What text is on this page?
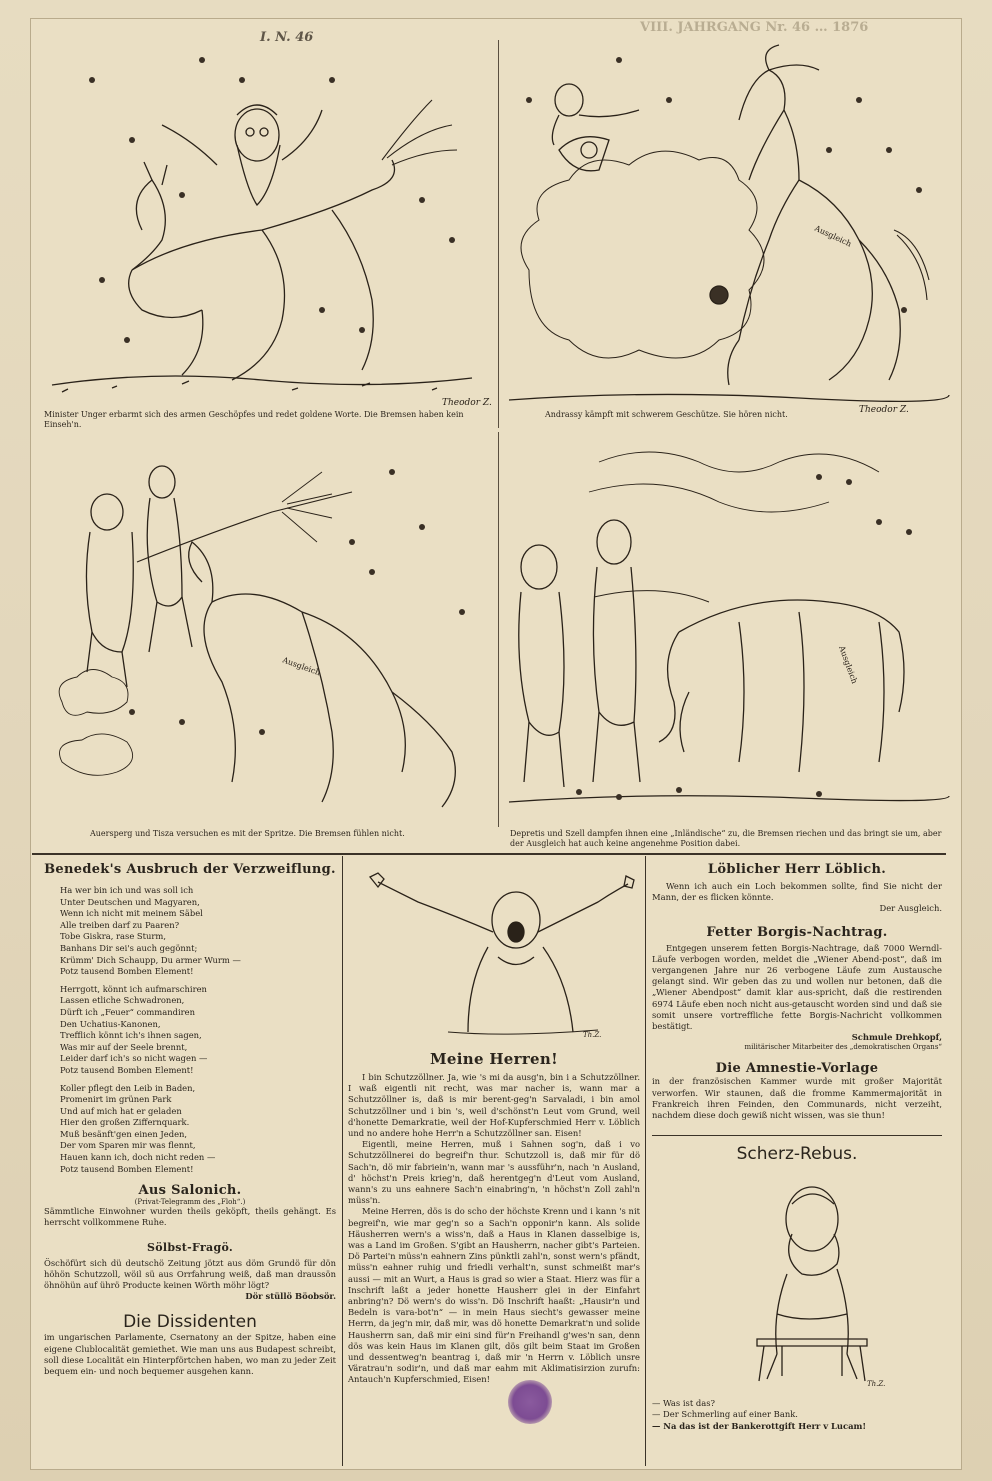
VIII. JAHRGANG Nr. 46 … 1876
I. N. 46
Theodor Z.
Minister Unger erbarmt sich des armen Geschöpfes und redet goldene Worte. Die Bremsen haben kein Einseh'n.
Ausgleich
Theodor Z.
Andrassy kämpft mit schwerem Geschütze. Sie hören nicht.
Ausgleich
Auersperg und Tisza versuchen es mit der Spritze. Die Bremsen fühlen nicht.
Ausgleich
Depretis und Szell dampfen ihnen eine „Inländische“ zu, die Bremsen riechen und das bringt sie um, aber der Ausgleich hat auch keine angenehme Position dabei.
Benedek's Ausbruch der Verzweiflung.
Ha wer bin ich und was soll ich
Unter Deutschen und Magyaren,
Wenn ich nicht mit meinem Säbel
Alle treiben darf zu Paaren?
Tobe Giskra, rase Sturm,
Banhans Dir sei's auch gegönnt;
Krümm' Dich Schaupp, Du armer Wurm —
Potz tausend Bomben Element!
Herrgott, könnt ich aufmarschiren
Lassen etliche Schwadronen,
Dürft ich „Feuer“ commandiren
Den Uchatius-Kanonen,
Trefflich könnt ich's ihnen sagen,
Was mir auf der Seele brennt,
Leider darf ich's so nicht wagen —
Potz tausend Bomben Element!
Koller pflegt den Leib in Baden,
Promenirt im grünen Park
Und auf mich hat er geladen
Hier den großen Ziffernquark.
Muß besänft'gen einen Jeden,
Der vom Sparen mir was flennt,
Hauen kann ich, doch nicht reden —
Potz tausend Bomben Element!
Aus Salonich.
(Privat-Telegramm des „Floh“.)
Sämmtliche Einwohner wurden theils geköpft, theils gehängt. Es herrscht vollkommene Ruhe.
Sölbst-Fragö.
Öschöfürt sich dü deutschö Zeitung jötzt aus döm Grundö für dön höhön Schutzzoll, wöil sü aus Orrfahrung weiß, daß man draussön öhnöhün auf ührö Producte keinen Wörth möhr lögt?
Dör stüllö Böobsör.
Die Dissidenten
im ungarischen Parlamente, Csernatony an der Spitze, haben eine eigene Clublocalität gemiethet. Wie man uns aus Budapest schreibt, soll diese Localität ein Hinterpförtchen haben, wo man zu jeder Zeit bequem ein- und noch bequemer ausgehen kann.
Th.Z.
Meine Herren!
I bin Schutzzöllner. Ja, wie 's mi da ausg'n, bin i a Schutzzöllner. I waß eigentli nit recht, was mar nacher is, wann mar a Schutzzöllner is, daß is mir berent-geg'n Sarvaladi, i bin amol Schutzzöllner und i bin 's, weil d'schönst'n Leut vom Grund, weil d'honette Demarkratie, weil der Hof-Kupferschmied Herr v. Löblich und no andere hohe Herr'n a Schutzzöllner san. Eisen!
Eigentli, meine Herren, muß i Sahnen sog'n, daß i vo Schutzzöllnerei do begreif'n thur. Schutzzoll is, daß mir für dö Sach'n, dö mir fabriein'n, wann mar 's aussführ'n, nach 'n Ausland, d' höchst'n Preis krieg'n, daß herentgeg'n d'Leut vom Ausland, wann's zu uns eahnere Sach'n einabring'n, 'n höchst'n Zoll zahl'n müss'n.
Meine Herren, dös is do scho der höchste Krenn und i kann 's nit begreif'n, wie mar geg'n so a Sach'n opponir'n kann. Als solide Häusherren wern's a wiss'n, daß a Haus in Klanen dasselbige is, was a Land im Großen. S'gibt an Hausherrn, nacher gibt's Parteien. Dö Partei'n müss'n eahnern Zins pünktli zahl'n, sonst wern's pfändt, müss'n eahner ruhig und friedli verhalt'n, sunst schmeißt mar's aussi — mit an Wurt, a Haus is grad so wier a Staat. Hierz was für a Inschrift laßt a jeder honette Hausherr glei in der Einfahrt anbring'n? Dö wern's do wiss'n. Dö Inschrift haaßt: „Hausir'n und Bedeln is vara-bot'n“ — in mein Haus siecht's gewasser meine Herrn, da jeg'n mir, daß mir, was dö honette Demarkrat'n und solide Hausherrn san, daß mir eini sind für'n Freihandl g'wes'n san, denn dös was kein Haus im Klanen gilt, dös gilt beim Staat im Großen und dessentweg'n beantrag i, daß mir 'n Herrn v. Löblich unsre Väratrau'n sodir'n, und daß mar eahm mit Aklimatisirzion zurufn: Antauch'n Kupferschmied, Eisen!
Löblicher Herr Löblich.
Wenn ich auch ein Loch bekommen sollte, find Sie nicht der Mann, der es flicken könnte.
Der Ausgleich.
Fetter Borgis-Nachtrag.
Entgegen unserem fetten Borgis-Nachtrage, daß 7000 Werndl-Läufe verbogen worden, meldet die „Wiener Abend-post“, daß im vergangenen Jahre nur 26 verbogene Läufe zum Austausche gelangt sind. Wir geben das zu und wollen nur betonen, daß die „Wiener Abendpost“ damit klar aus-spricht, daß die restirenden 6974 Läufe eben noch nicht aus-getauscht worden sind und daß sie somit unsere vortreffliche fette Borgis-Nachricht vollkommen bestätigt.
Schmule Drehkopf,
militärischer Mitarbeiter des „demokratischen Organs“
Die Amnestie-Vorlage
in der französischen Kammer wurde mit großer Majorität verworfen. Wir staunen, daß die fromme Kammermajorität in Frankreich ihren Feinden, den Communards, nicht verzeiht, nachdem diese doch gewiß nicht wissen, was sie thun!
Scherz-Rebus.
Th.Z.
— Was ist das?
— Der Schmerling auf einer Bank.
— Na das ist der Bankerottgift Herr v Lucam!
